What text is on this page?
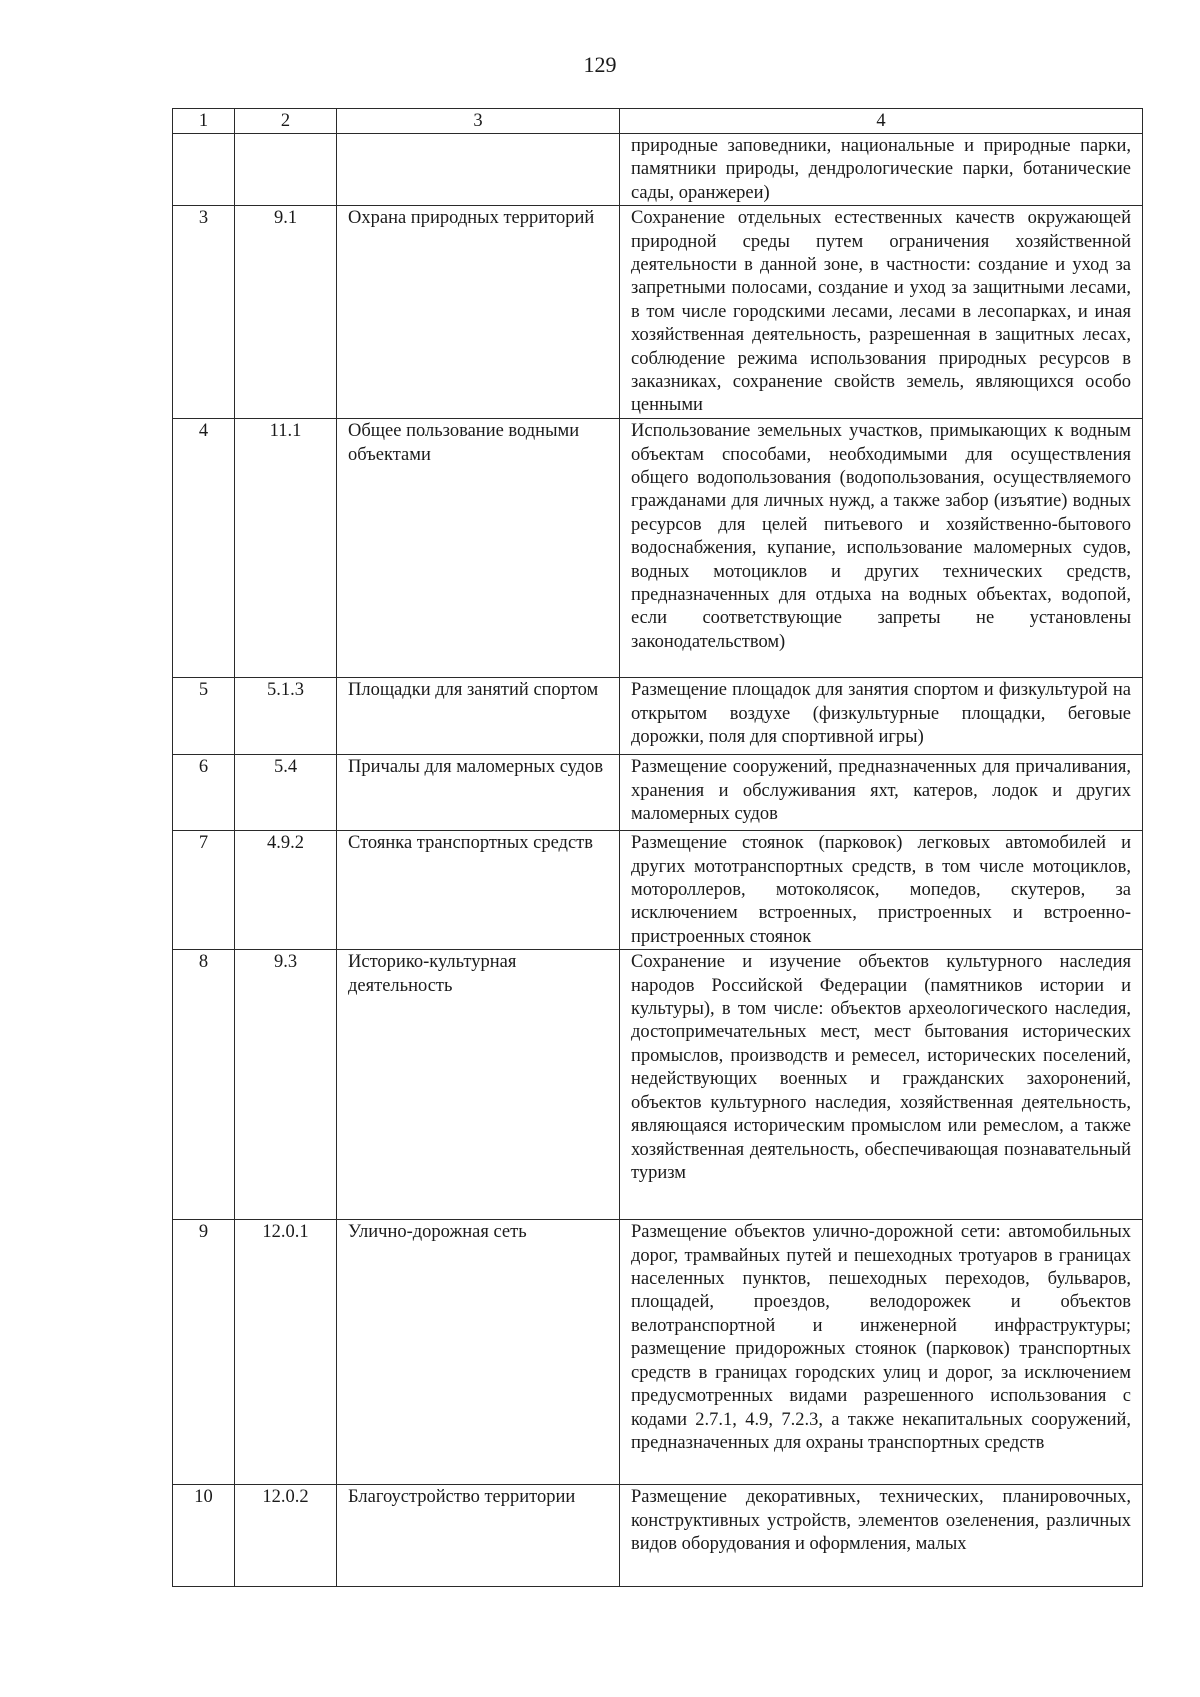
129
1	2	3	4
			природные заповедники, национальные и природные парки, памятники природы, дендрологические парки, ботанические сады, оранжереи)
3	9.1	Охрана природных территорий	Сохранение отдельных естественных качеств окружающей природной среды путем ограничения хозяйственной деятельности в данной зоне, в частности: создание и уход за запретными полосами, создание и уход за защитными лесами, в том числе городскими лесами, лесами в лесопарках, и иная хозяйственная деятельность, разрешенная в защитных лесах, соблюдение режима использования природных ресурсов в заказниках, сохранение свойств земель, являющихся особо ценными
4	11.1	Общее пользование водными объектами	Использование земельных участков, примыкающих к водным объектам способами, необходимыми для осуществления общего водопользования (водопользования, осуществляемого гражданами для личных нужд, а также забор (изъятие) водных ресурсов для целей питьевого и хозяйственно-бытового водоснабжения, купание, использование маломерных судов, водных мотоциклов и других технических средств, предназначенных для отдыха на водных объектах, водопой, если соответствующие запреты не установлены законодательством)
5	5.1.3	Площадки для занятий спортом	Размещение площадок для занятия спортом и физкультурой на открытом воздухе (физкультурные площадки, беговые дорожки, поля для спортивной игры)
6	5.4	Причалы для маломерных судов	Размещение сооружений, предназначенных для причаливания, хранения и обслуживания яхт, катеров, лодок и других маломерных судов
7	4.9.2	Стоянка транспортных средств	Размещение стоянок (парковок) легковых автомобилей и других мототранспортных средств, в том числе мотоциклов, мотороллеров, мотоколясок, мопедов, скутеров, за исключением встроенных, пристроенных и встроенно-пристроенных стоянок
8	9.3	Историко-культурная деятельность	Сохранение и изучение объектов культурного наследия народов Российской Федерации (памятников истории и культуры), в том числе: объектов археологического наследия, достопримечательных мест, мест бытования исторических промыслов, производств и ремесел, исторических поселений, недействующих военных и гражданских захоронений, объектов культурного наследия, хозяйственная деятельность, являющаяся историческим промыслом или ремеслом, а также хозяйственная деятельность, обеспечивающая познавательный туризм
9	12.0.1	Улично-дорожная сеть	Размещение объектов улично-дорожной сети: автомобильных дорог, трамвайных путей и пешеходных тротуаров в границах населенных пунктов, пешеходных переходов, бульваров, площадей, проездов, велодорожек и объектов велотранспортной и инженерной инфраструктуры; размещение придорожных стоянок (парковок) транспортных средств в границах городских улиц и дорог, за исключением предусмотренных видами разрешенного использования с кодами 2.7.1, 4.9, 7.2.3, а также некапитальных сооружений, предназначенных для охраны транспортных средств
10	12.0.2	Благоустройство территории	Размещение декоративных, технических, планировочных, конструктивных устройств, элементов озеленения, различных видов оборудования и оформления, малых
